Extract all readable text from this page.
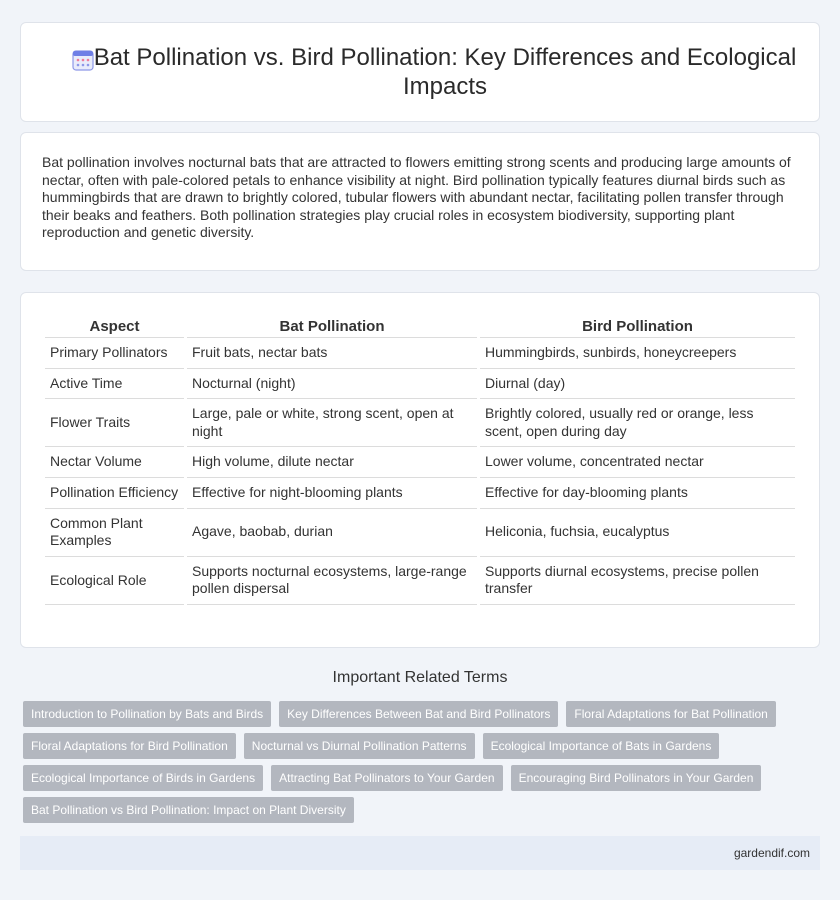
Bat Pollination vs. Bird Pollination: Key Differences and Ecological Impacts

Bat pollination involves nocturnal bats that are attracted to flowers emitting strong scents and producing large amounts of nectar, often with pale-colored petals to enhance visibility at night. Bird pollination typically features diurnal birds such as hummingbirds that are drawn to brightly colored, tubular flowers with abundant nectar, facilitating pollen transfer through their beaks and feathers. Both pollination strategies play crucial roles in ecosystem biodiversity, supporting plant reproduction and genetic diversity.

Aspect	Bat Pollination	Bird Pollination
Primary Pollinators	Fruit bats, nectar bats	Hummingbirds, sunbirds, honeycreepers
Active Time	Nocturnal (night)	Diurnal (day)
Flower Traits	Large, pale or white, strong scent, open at night	Brightly colored, usually red or orange, less scent, open during day
Nectar Volume	High volume, dilute nectar	Lower volume, concentrated nectar
Pollination Efficiency	Effective for night-blooming plants	Effective for day-blooming plants
Common Plant Examples	Agave, baobab, durian	Heliconia, fuchsia, eucalyptus
Ecological Role	Supports nocturnal ecosystems, large-range pollen dispersal	Supports diurnal ecosystems, precise pollen transfer
Important Related Terms
Introduction to Pollination by Bats and Birds	Key Differences Between Bat and Bird Pollinators	Floral Adaptations for Bat Pollination
Floral Adaptations for Bird Pollination	Nocturnal vs Diurnal Pollination Patterns	Ecological Importance of Bats in Gardens
Ecological Importance of Birds in Gardens	Attracting Bat Pollinators to Your Garden	Encouraging Bird Pollinators in Your Garden
Bat Pollination vs Bird Pollination: Impact on Plant Diversity
gardendif.com
